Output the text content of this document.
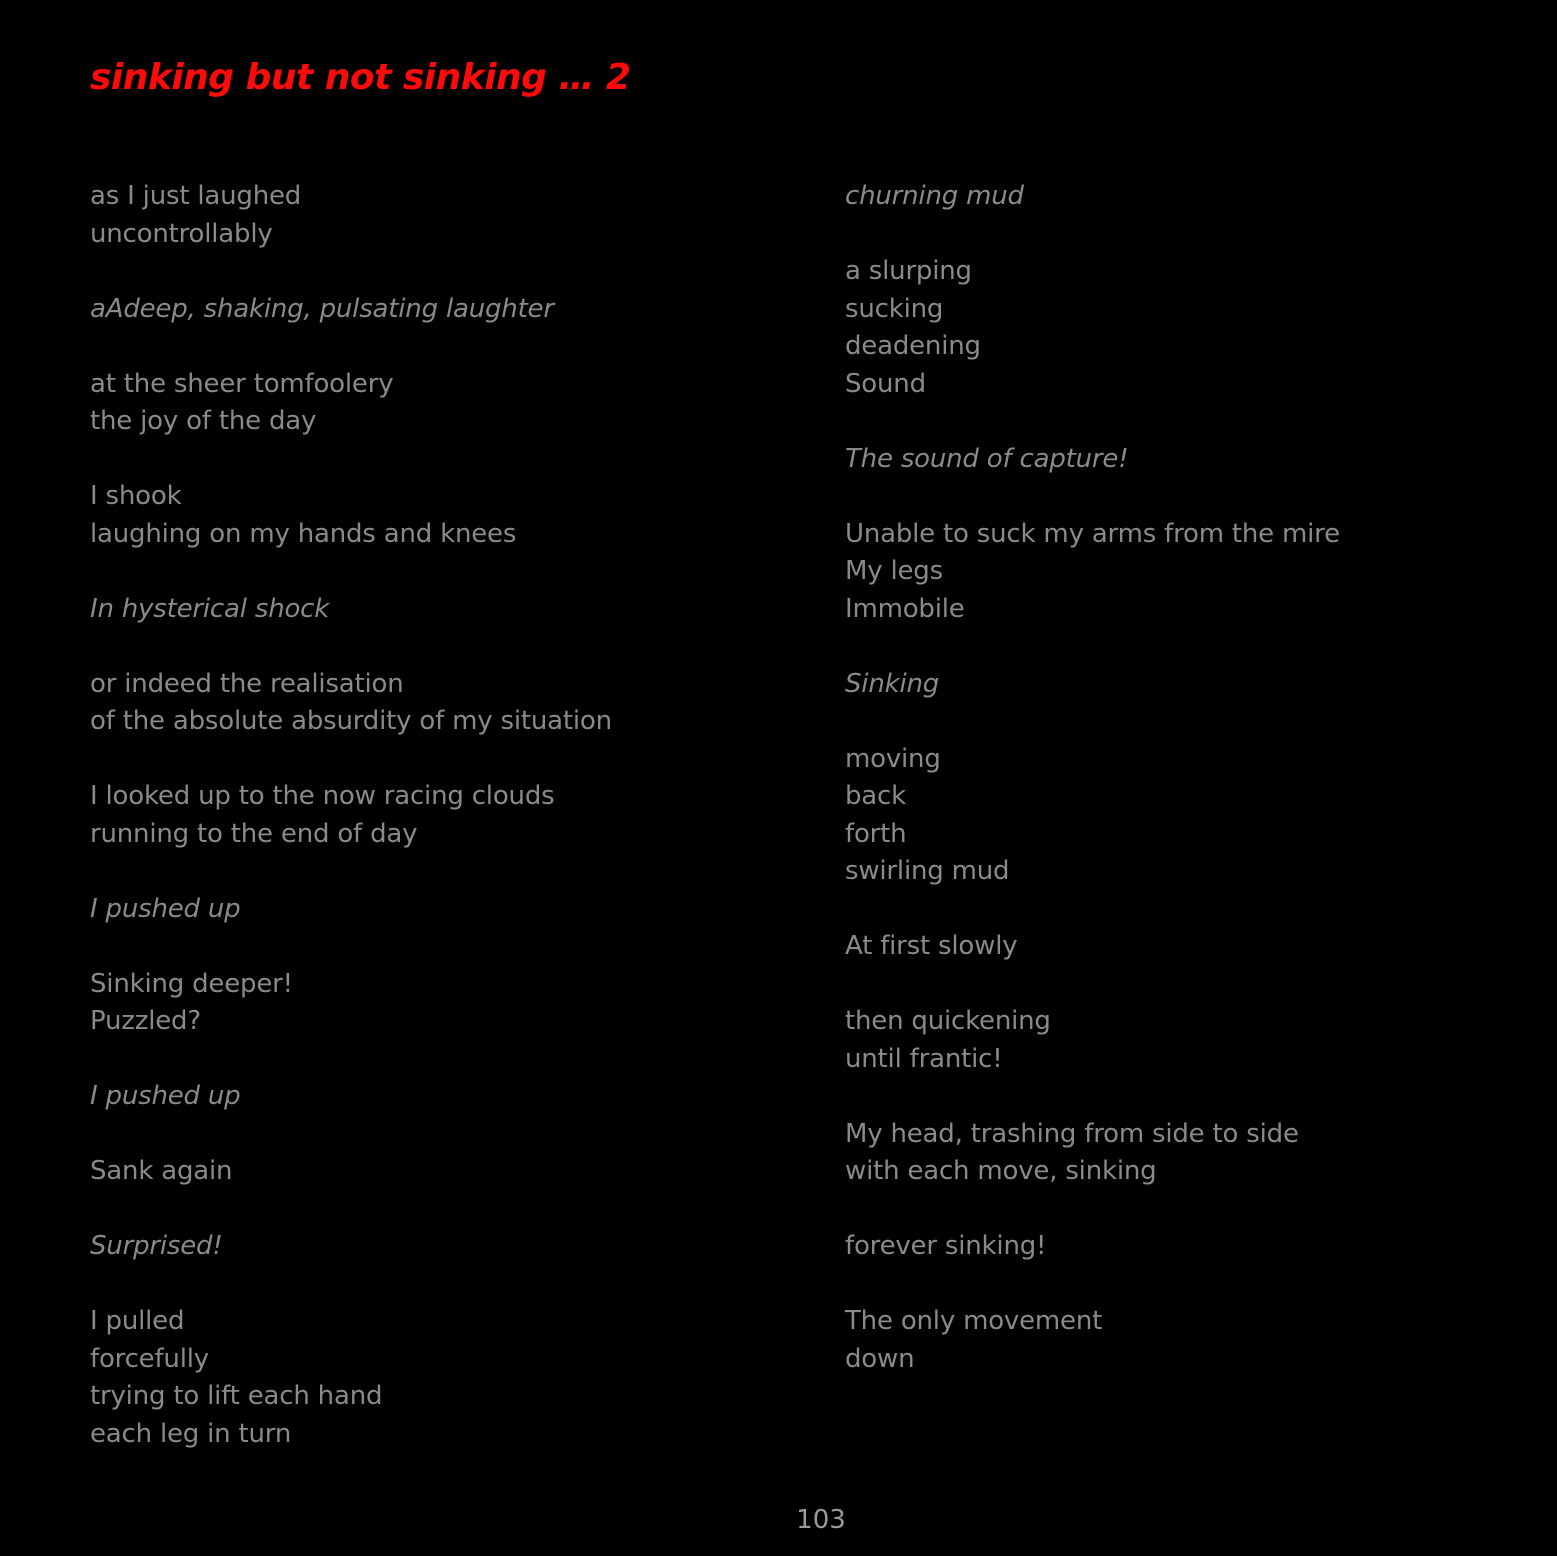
sinking but not sinking … 2
as I just laughed
uncontrollably
aAdeep, shaking, pulsating laughter
at the sheer tomfoolery
the joy of the day
I shook
laughing on my hands and knees
In hysterical shock
or indeed the realisation
of the absolute absurdity of my situation
I looked up to the now racing clouds
running to the end of day
I pushed up
Sinking deeper!
Puzzled?
I pushed up
Sank again
Surprised!
I pulled
forcefully
trying to lift each hand
each leg in turn
churning mud
a slurping
sucking
deadening
Sound
The sound of capture!
Unable to suck my arms from the mire
My legs
Immobile
Sinking
moving
back
forth
swirling mud
At first slowly
then quickening
until frantic!
My head, trashing from side to side
with each move, sinking
forever sinking!
The only movement
down
103
